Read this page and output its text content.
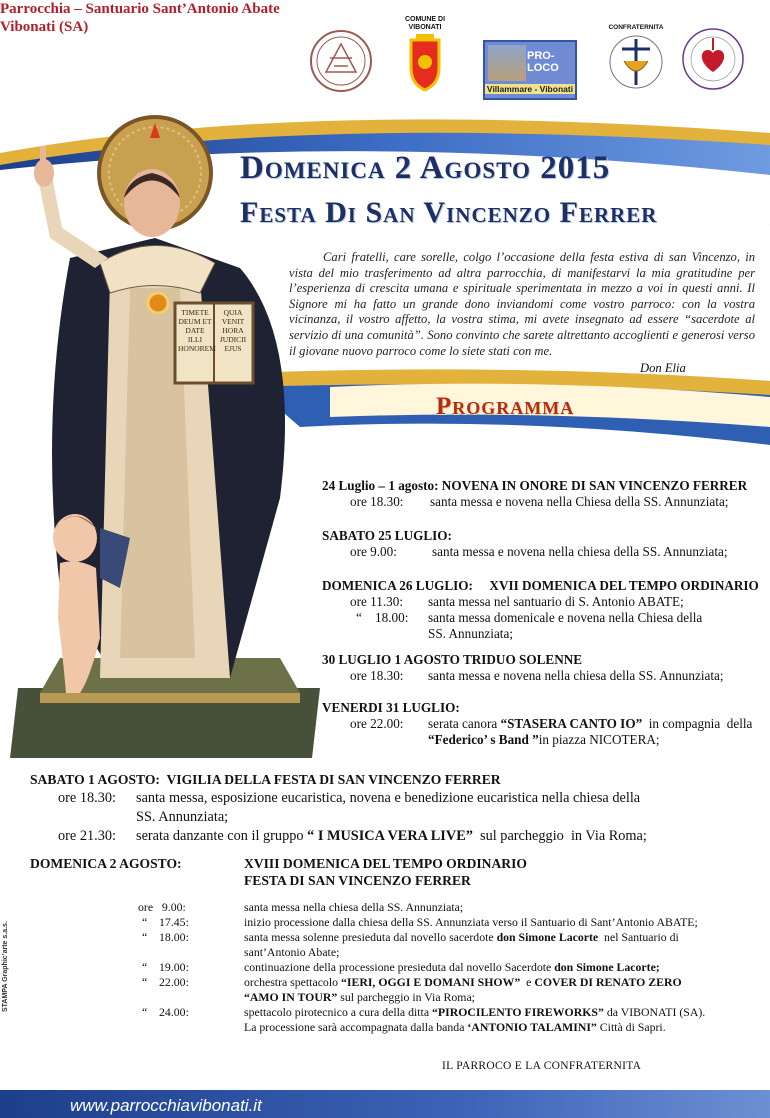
Parrocchia – Santuario Sant’Antonio Abate
Vibonati (SA)	COMUNE DI
VIBONATI
PRO-LOCO
Villammare - Vibonati
CONFRATERNITA
TIMETE DEUM ET DATE ILLI HONOREM
QUIA VENIT HORA JUDICII EJUS
Domenica 2 Agosto 2015
Festa Di San Vincenzo Ferrer
Cari fratelli, care sorelle, colgo l’occasione della festa estiva di san Vincenzo, in vista del mio trasferimento ad altra parrocchia, di manifestarvi la mia gratitudine per l’esperienza di crescita umana e spirituale sperimentata in mezzo a voi in questi anni. Il Signore mi ha fatto un grande dono inviandomi come vostro parroco: con la vostra vicinanza, il vostro affetto, la vostra stima, mi avete insegnato ad essere “sacerdote al servizio di una comunità”. Sono convinto che sarete altrettanto accoglienti e generosi verso il giovane nuovo parroco come lo siete stati con me.
Don Elia
Programma
24 Luglio – 1 agosto: NOVENA IN ONORE DI SAN VINCENZO FERRER
ore 18.30: santa messa e novena nella Chiesa della SS. Annunziata;
SABATO 25 LUGLIO:
ore 9.00:	santa messa e novena nella chiesa della SS. Annunziata;
DOMENICA 26 LUGLIO:     XVII DOMENICA DEL TEMPO ORDINARIO
ore 11.30: santa messa nel santuario di S. Antonio ABATE;
“    18.00: santa messa domenicale e novena nella Chiesa della
SS. Annunziata;
30 LUGLIO 1 AGOSTO TRIDUO SOLENNE
ore 18.30: santa messa e novena nella chiesa della SS. Annunziata;
VENERDI 31 LUGLIO:
ore 22.00: serata canora “STASERA CANTO IO”  in compagnia  della
“Federico’ s Band ”in piazza NICOTERA;
SABATO 1 AGOSTO:  VIGILIA DELLA FESTA DI SAN VINCENZO FERRER
ore 18.30: santa messa, esposizione eucaristica, novena e benedizione eucaristica nella chiesa della
SS. Annunziata;
ore 21.30: serata danzante con il gruppo “ I MUSICA VERA LIVE”  sul parcheggio  in Via Roma;
DOMENICA 2 AGOSTO:	XVIII DOMENICA DEL TEMPO ORDINARIO
FESTA DI SAN VINCENZO FERRER
ore   9.00:	santa messa nella chiesa della SS. Annunziata;
“    17.45:	inizio processione dalla chiesa della SS. Annunziata verso il Santuario di Sant’Antonio ABATE;
“    18.00:	santa messa solenne presieduta dal novello sacerdote don Simone Lacorte  nel Santuario di
sant’Antonio Abate;
“    19.00:	continuazione della processione presieduta dal novello Sacerdote don Simone Lacorte;
“    22.00:	orchestra spettacolo “IERI, OGGI E DOMANI SHOW”  e COVER DI RENATO ZERO
“AMO IN TOUR” sul parcheggio in Via Roma;
“    24.00:	spettacolo pirotecnico a cura della ditta “PIROCILENTO FIREWORKS” da VIBONATI (SA).
La processione sarà accompagnata dalla banda ‘ANTONIO TALAMINI” Città di Sapri.
IL PARROCO E LA CONFRATERNITA
STAMPA Graphic’arte s.a.s.
www.parrocchiavibonati.it
